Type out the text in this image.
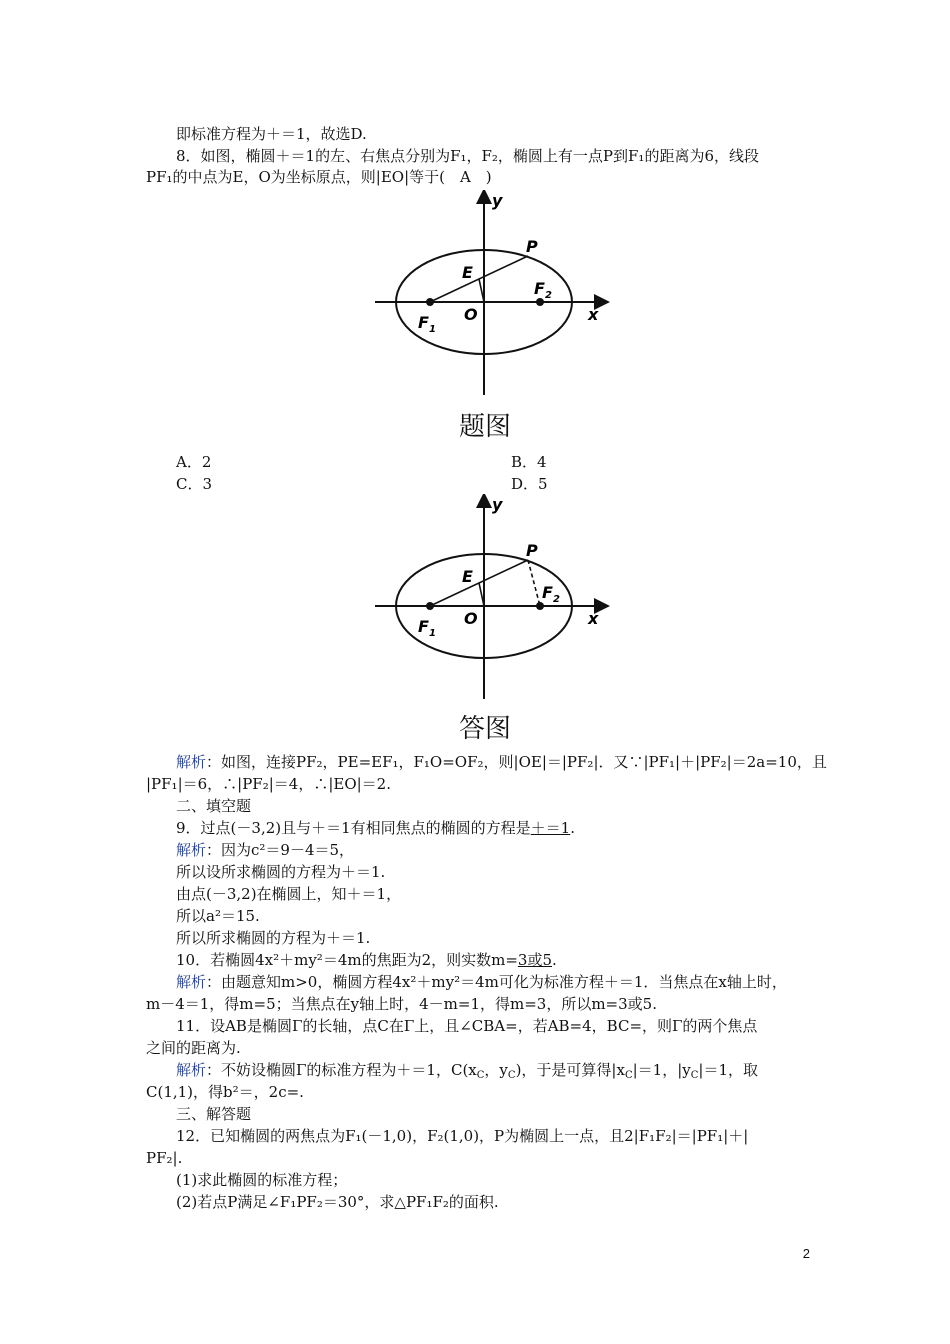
即标准方程为＋＝1，故选D.
8．如图，椭圆＋＝1的左、右焦点分别为F₁，F₂，椭圆上有一点P到F₁的距离为6，线段
PF₁的中点为E，O为坐标原点，则|EO|等于(　A　)
y
x
P
E
O
$F_1$
$F_2$
题图
A．2	B．4
C．3	D．5
y
x
P
E
O
$F_1$
$F_2$
答图
解析：如图，连接PF₂，PE=EF₁，F₁O=OF₂，则|OE|＝|PF₂|．又∵|PF₁|＋|PF₂|＝2a=10，且
|PF₁|＝6，∴|PF₂|＝4，∴|EO|＝2.
二、填空题
9．过点(－3,2)且与＋＝1有相同焦点的椭圆的方程是＋＝1.
解析：因为c²＝9－4＝5，
所以设所求椭圆的方程为＋＝1.
由点(－3,2)在椭圆上，知＋＝1，
所以a²＝15.
所以所求椭圆的方程为＋＝1.
10．若椭圆4x²＋my²＝4m的焦距为2，则实数m=3或5.
解析：由题意知m>0，椭圆方程4x²＋my²＝4m可化为标准方程＋＝1．当焦点在x轴上时，
m－4＝1，得m=5；当焦点在y轴上时，4－m=1，得m=3，所以m=3或5.
11．设AB是椭圆Γ的长轴，点C在Γ上，且∠CBA=，若AB=4，BC=，则Γ的两个焦点
之间的距离为.
解析：不妨设椭圆Γ的标准方程为＋＝1，$C(x_C$，$y_C$)，于是可算得$|x_C|=1$，$|y_C|=1$，取
C(1,1)，得b²＝，2c=.
三、解答题
12．已知椭圆的两焦点为F₁(－1,0)，F₂(1,0)，P为椭圆上一点，且2|F₁F₂|＝|PF₁|＋|
PF₂|.
(1)求此椭圆的标准方程；
(2)若点P满足∠F₁PF₂＝30°，求△PF₁F₂的面积.
2
